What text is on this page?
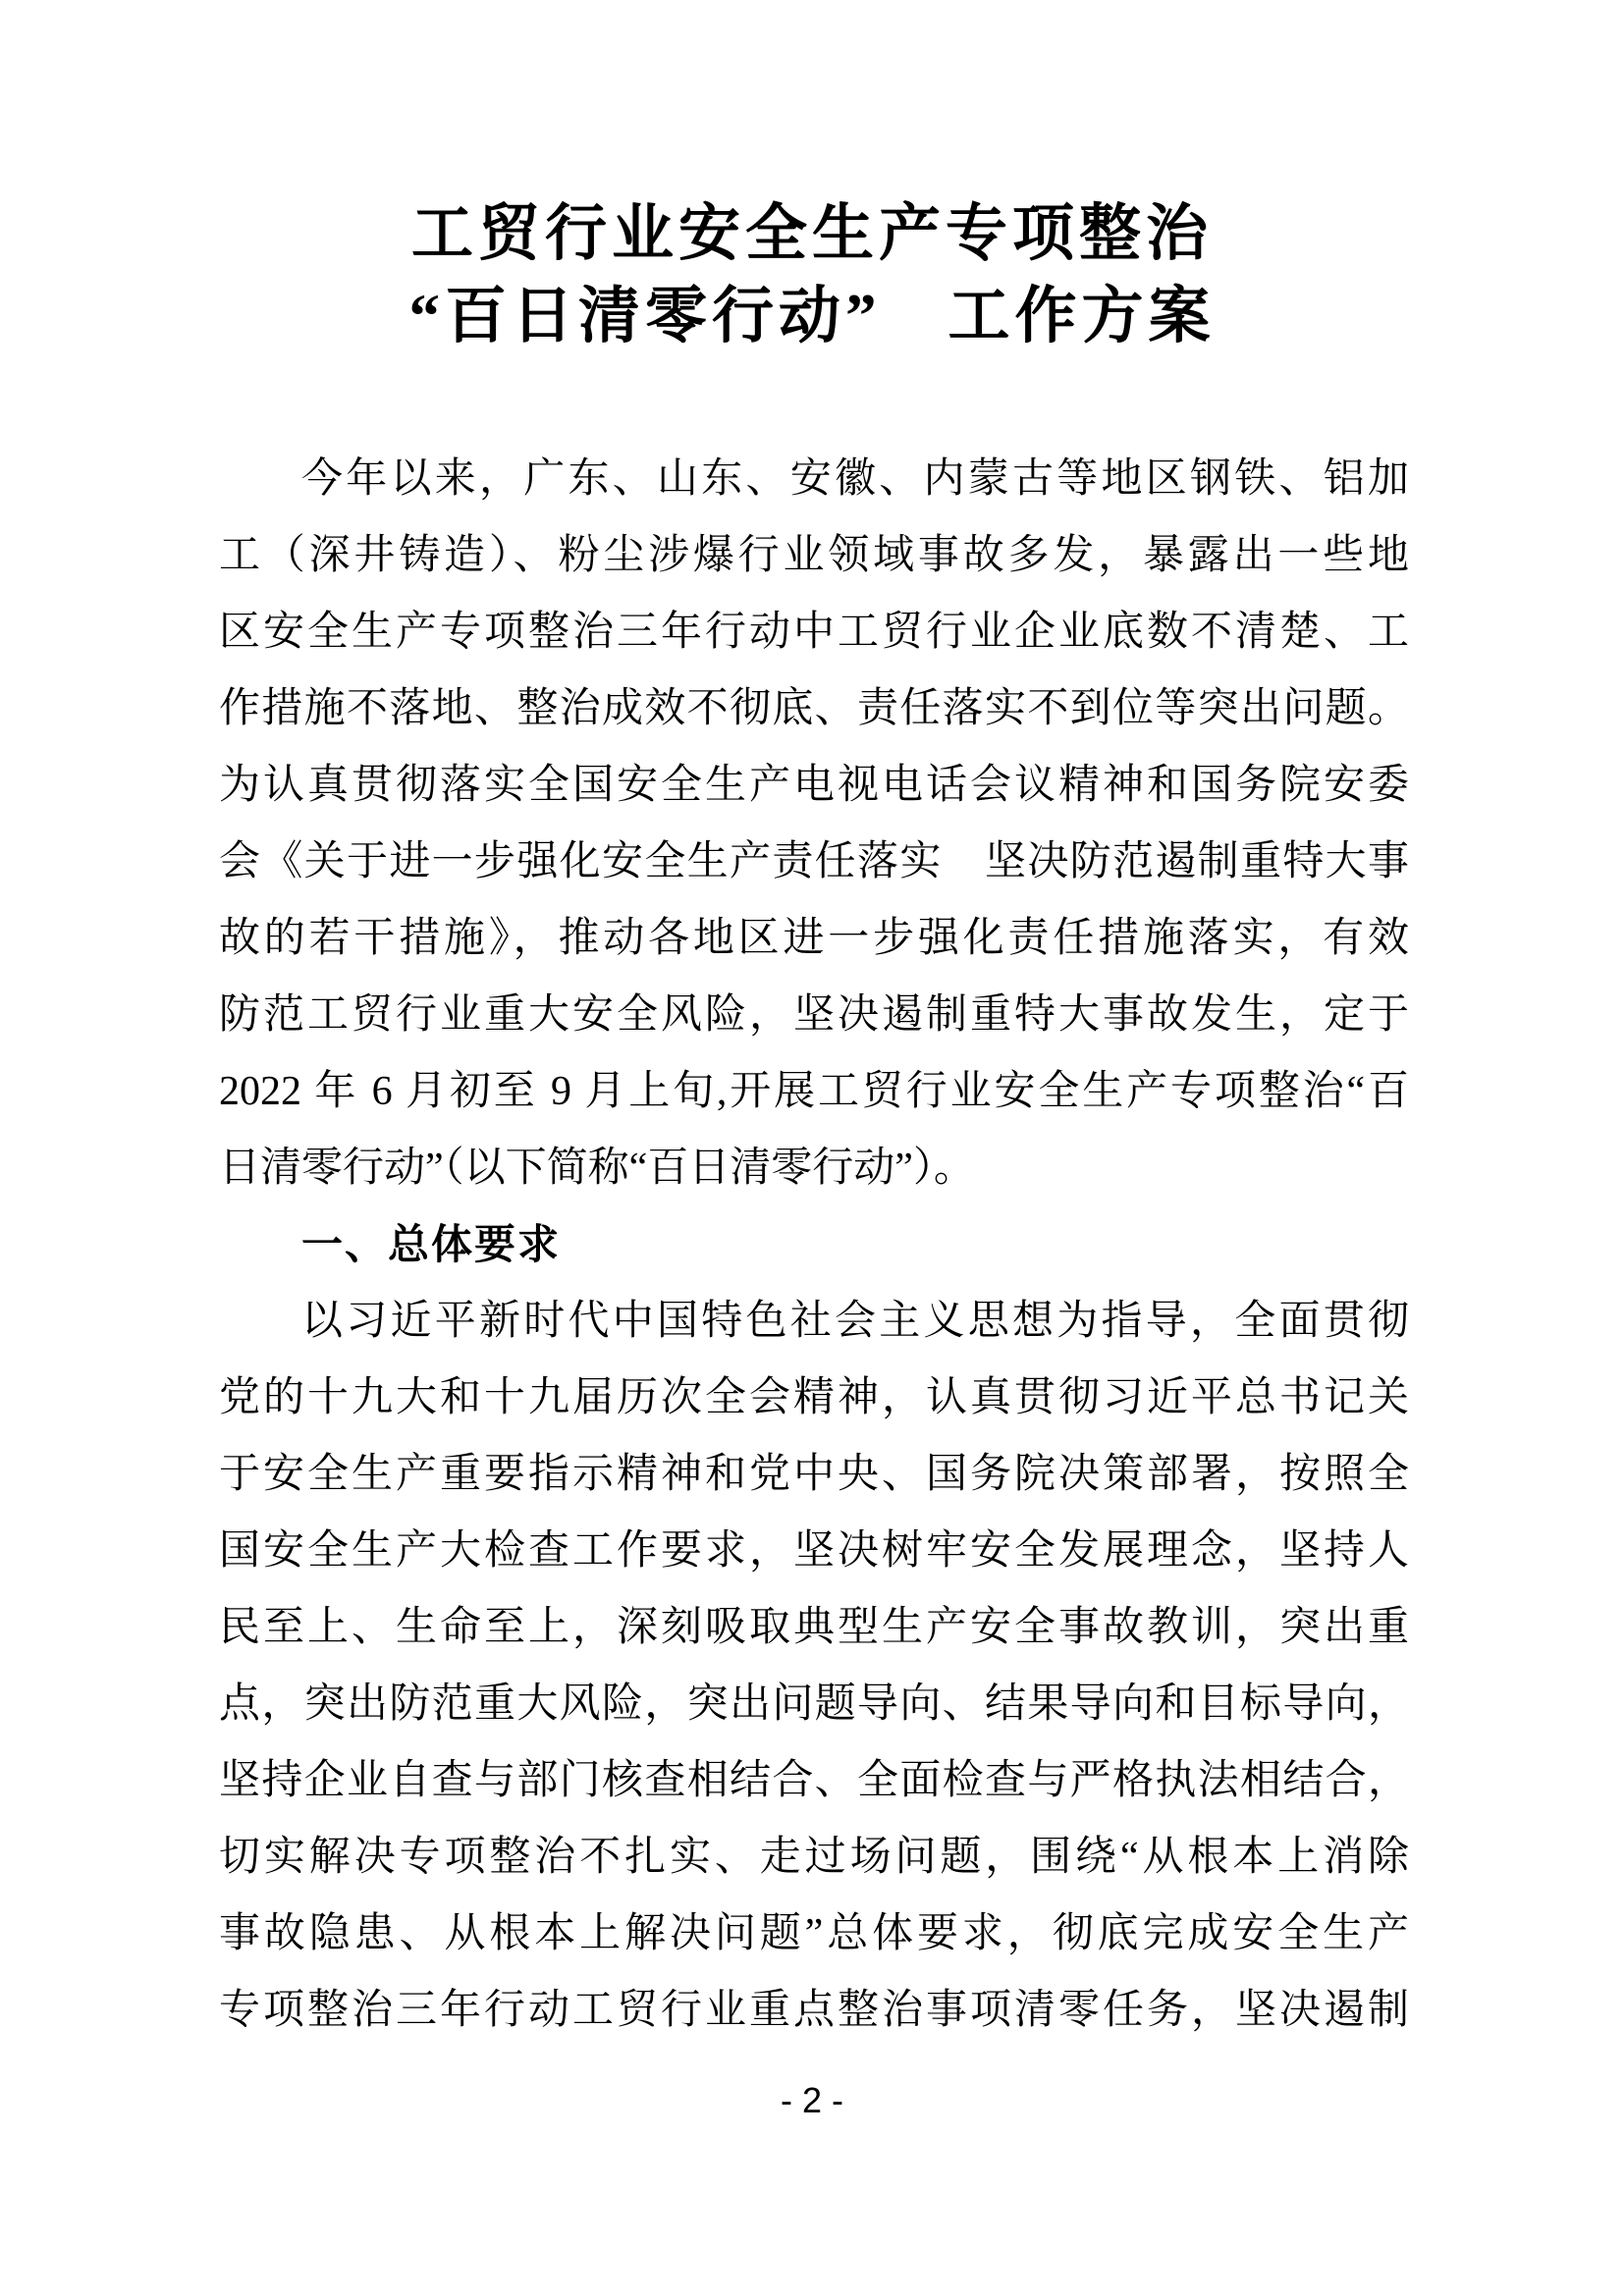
工贸行业安全生产专项整治
“百日清零行动”　工作方案
今年以来，广东、山东、安徽、内蒙古等地区钢铁、铝加
工（深井铸造）、粉尘涉爆行业领域事故多发，暴露出一些地
区安全生产专项整治三年行动中工贸行业企业底数不清楚、工
作措施不落地、整治成效不彻底、责任落实不到位等突出问题。
为认真贯彻落实全国安全生产电视电话会议精神和国务院安委
会《关于进一步强化安全生产责任落实　坚决防范遏制重特大事
故的若干措施》，推动各地区进一步强化责任措施落实，有效
防范工贸行业重大安全风险，坚决遏制重特大事故发生，定于
2022 年 6 月初至 9 月上旬,开展工贸行业安全生产专项整治“百
日清零行动”（以下简称“百日清零行动”）。
一、总体要求
以习近平新时代中国特色社会主义思想为指导，全面贯彻
党的十九大和十九届历次全会精神，认真贯彻习近平总书记关
于安全生产重要指示精神和党中央、国务院决策部署，按照全
国安全生产大检查工作要求，坚决树牢安全发展理念，坚持人
民至上、生命至上，深刻吸取典型生产安全事故教训，突出重
点，突出防范重大风险，突出问题导向、结果导向和目标导向，
坚持企业自查与部门核查相结合、全面检查与严格执法相结合，
切实解决专项整治不扎实、走过场问题，围绕“从根本上消除
事故隐患、从根本上解决问题”总体要求，彻底完成安全生产
专项整治三年行动工贸行业重点整治事项清零任务，坚决遏制
- 2 -
